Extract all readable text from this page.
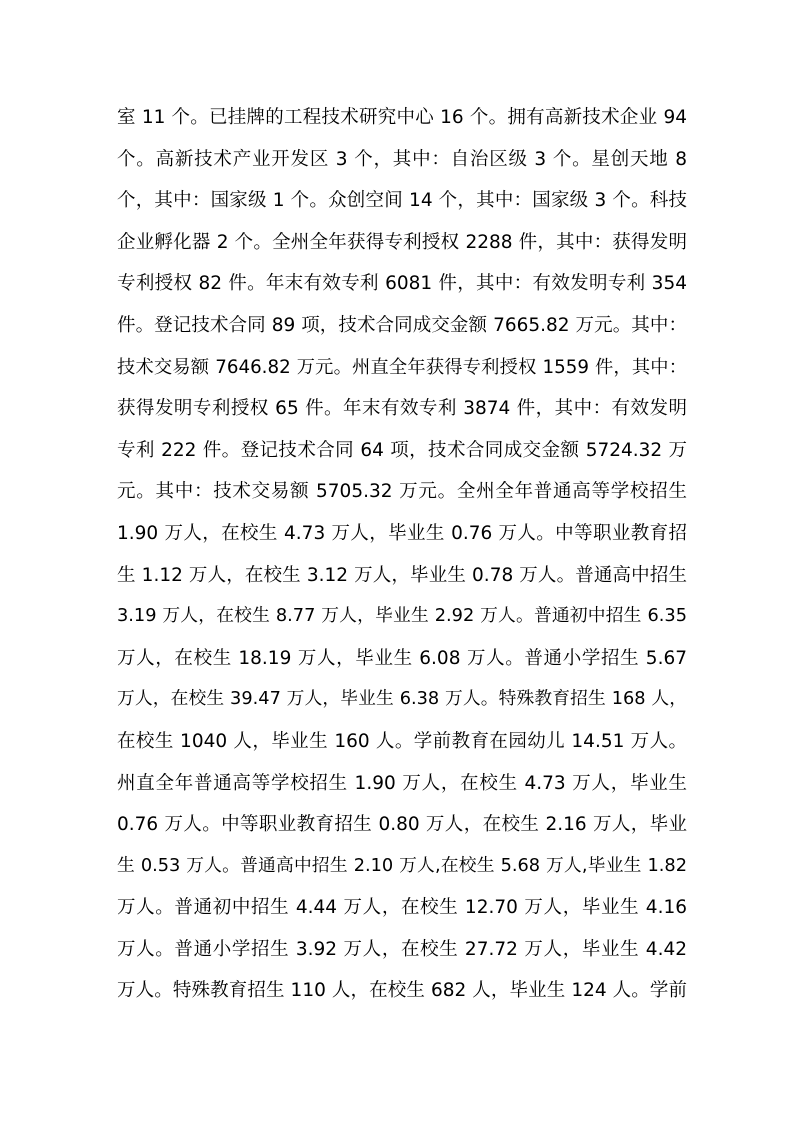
室 11 个。已挂牌的工程技术研究中心 16 个。拥有高新技术企业 94
个。高新技术产业开发区 3 个，其中：自治区级 3 个。星创天地 8
个，其中：国家级 1 个。众创空间 14 个，其中：国家级 3 个。科技
企业孵化器 2 个。全州全年获得专利授权 2288 件，其中：获得发明
专利授权 82 件。年末有效专利 6081 件，其中：有效发明专利 354
件。登记技术合同 89 项，技术合同成交金额 7665.82 万元。其中：
技术交易额 7646.82 万元。州直全年获得专利授权 1559 件，其中：
获得发明专利授权 65 件。年末有效专利 3874 件，其中：有效发明
专利 222 件。登记技术合同 64 项，技术合同成交金额 5724.32 万
元。其中：技术交易额 5705.32 万元。全州全年普通高等学校招生
1.90 万人，在校生 4.73 万人，毕业生 0.76 万人。中等职业教育招
生 1.12 万人，在校生 3.12 万人，毕业生 0.78 万人。普通高中招生
3.19 万人，在校生 8.77 万人，毕业生 2.92 万人。普通初中招生 6.35
万人，在校生 18.19 万人，毕业生 6.08 万人。普通小学招生 5.67
万人，在校生 39.47 万人，毕业生 6.38 万人。特殊教育招生 168 人，
在校生 1040 人，毕业生 160 人。学前教育在园幼儿 14.51 万人。
州直全年普通高等学校招生 1.90 万人，在校生 4.73 万人，毕业生
0.76 万人。中等职业教育招生 0.80 万人，在校生 2.16 万人，毕业
生 0.53 万人。普通高中招生 2.10 万人,在校生 5.68 万人,毕业生 1.82
万人。普通初中招生 4.44 万人，在校生 12.70 万人，毕业生 4.16
万人。普通小学招生 3.92 万人，在校生 27.72 万人，毕业生 4.42
万人。特殊教育招生 110 人，在校生 682 人，毕业生 124 人。学前
